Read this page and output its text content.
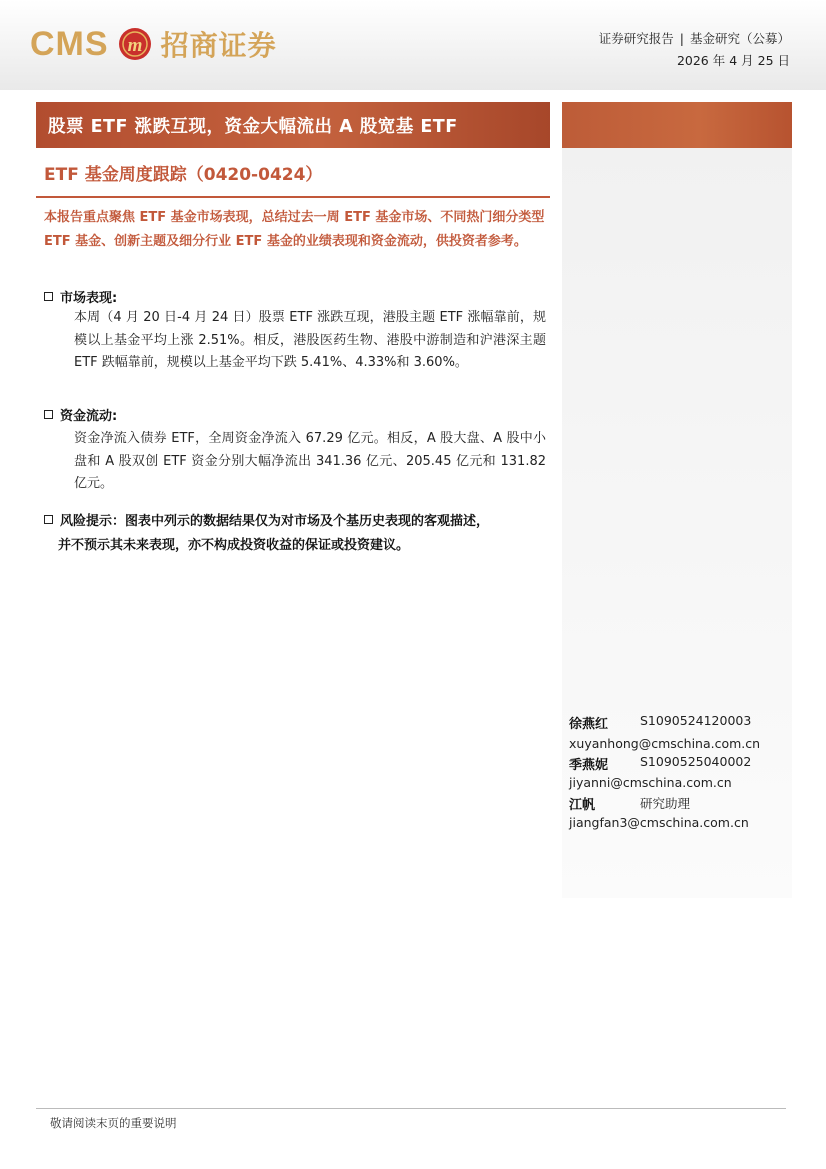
CMS m 招商证券	证券研究报告 | 基金研究（公募）
2026 年 4 月 25 日
股票 ETF 涨跌互现，资金大幅流出 A 股宽基 ETF
ETF 基金周度跟踪（0420-0424）
本报告重点聚焦 ETF 基金市场表现，总结过去一周 ETF 基金市场、不同热门细分类型 ETF 基金、创新主题及细分行业 ETF 基金的业绩表现和资金流动，供投资者参考。
市场表现:
本周（4 月 20 日-4 月 24 日）股票 ETF 涨跌互现，港股主题 ETF 涨幅靠前，规模以上基金平均上涨 2.51%。相反，港股医药生物、港股中游制造和沪港深主题 ETF 跌幅靠前，规模以上基金平均下跌 5.41%、4.33%和 3.60%。
资金流动:
资金净流入债券 ETF，全周资金净流入 67.29 亿元。相反，A 股大盘、A 股中小盘和 A 股双创 ETF 资金分别大幅净流出 341.36 亿元、205.45 亿元和 131.82 亿元。
风险提示：图表中列示的数据结果仅为对市场及个基历史表现的客观描述，
并不预示其未来表现，亦不构成投资收益的保证或投资建议。
徐燕红	S1090524120003
xuyanhong@cmschina.com.cn
季燕妮	S1090525040002
jiyanni@cmschina.com.cn
江帆	研究助理
jiangfan3@cmschina.com.cn
敬请阅读末页的重要说明
